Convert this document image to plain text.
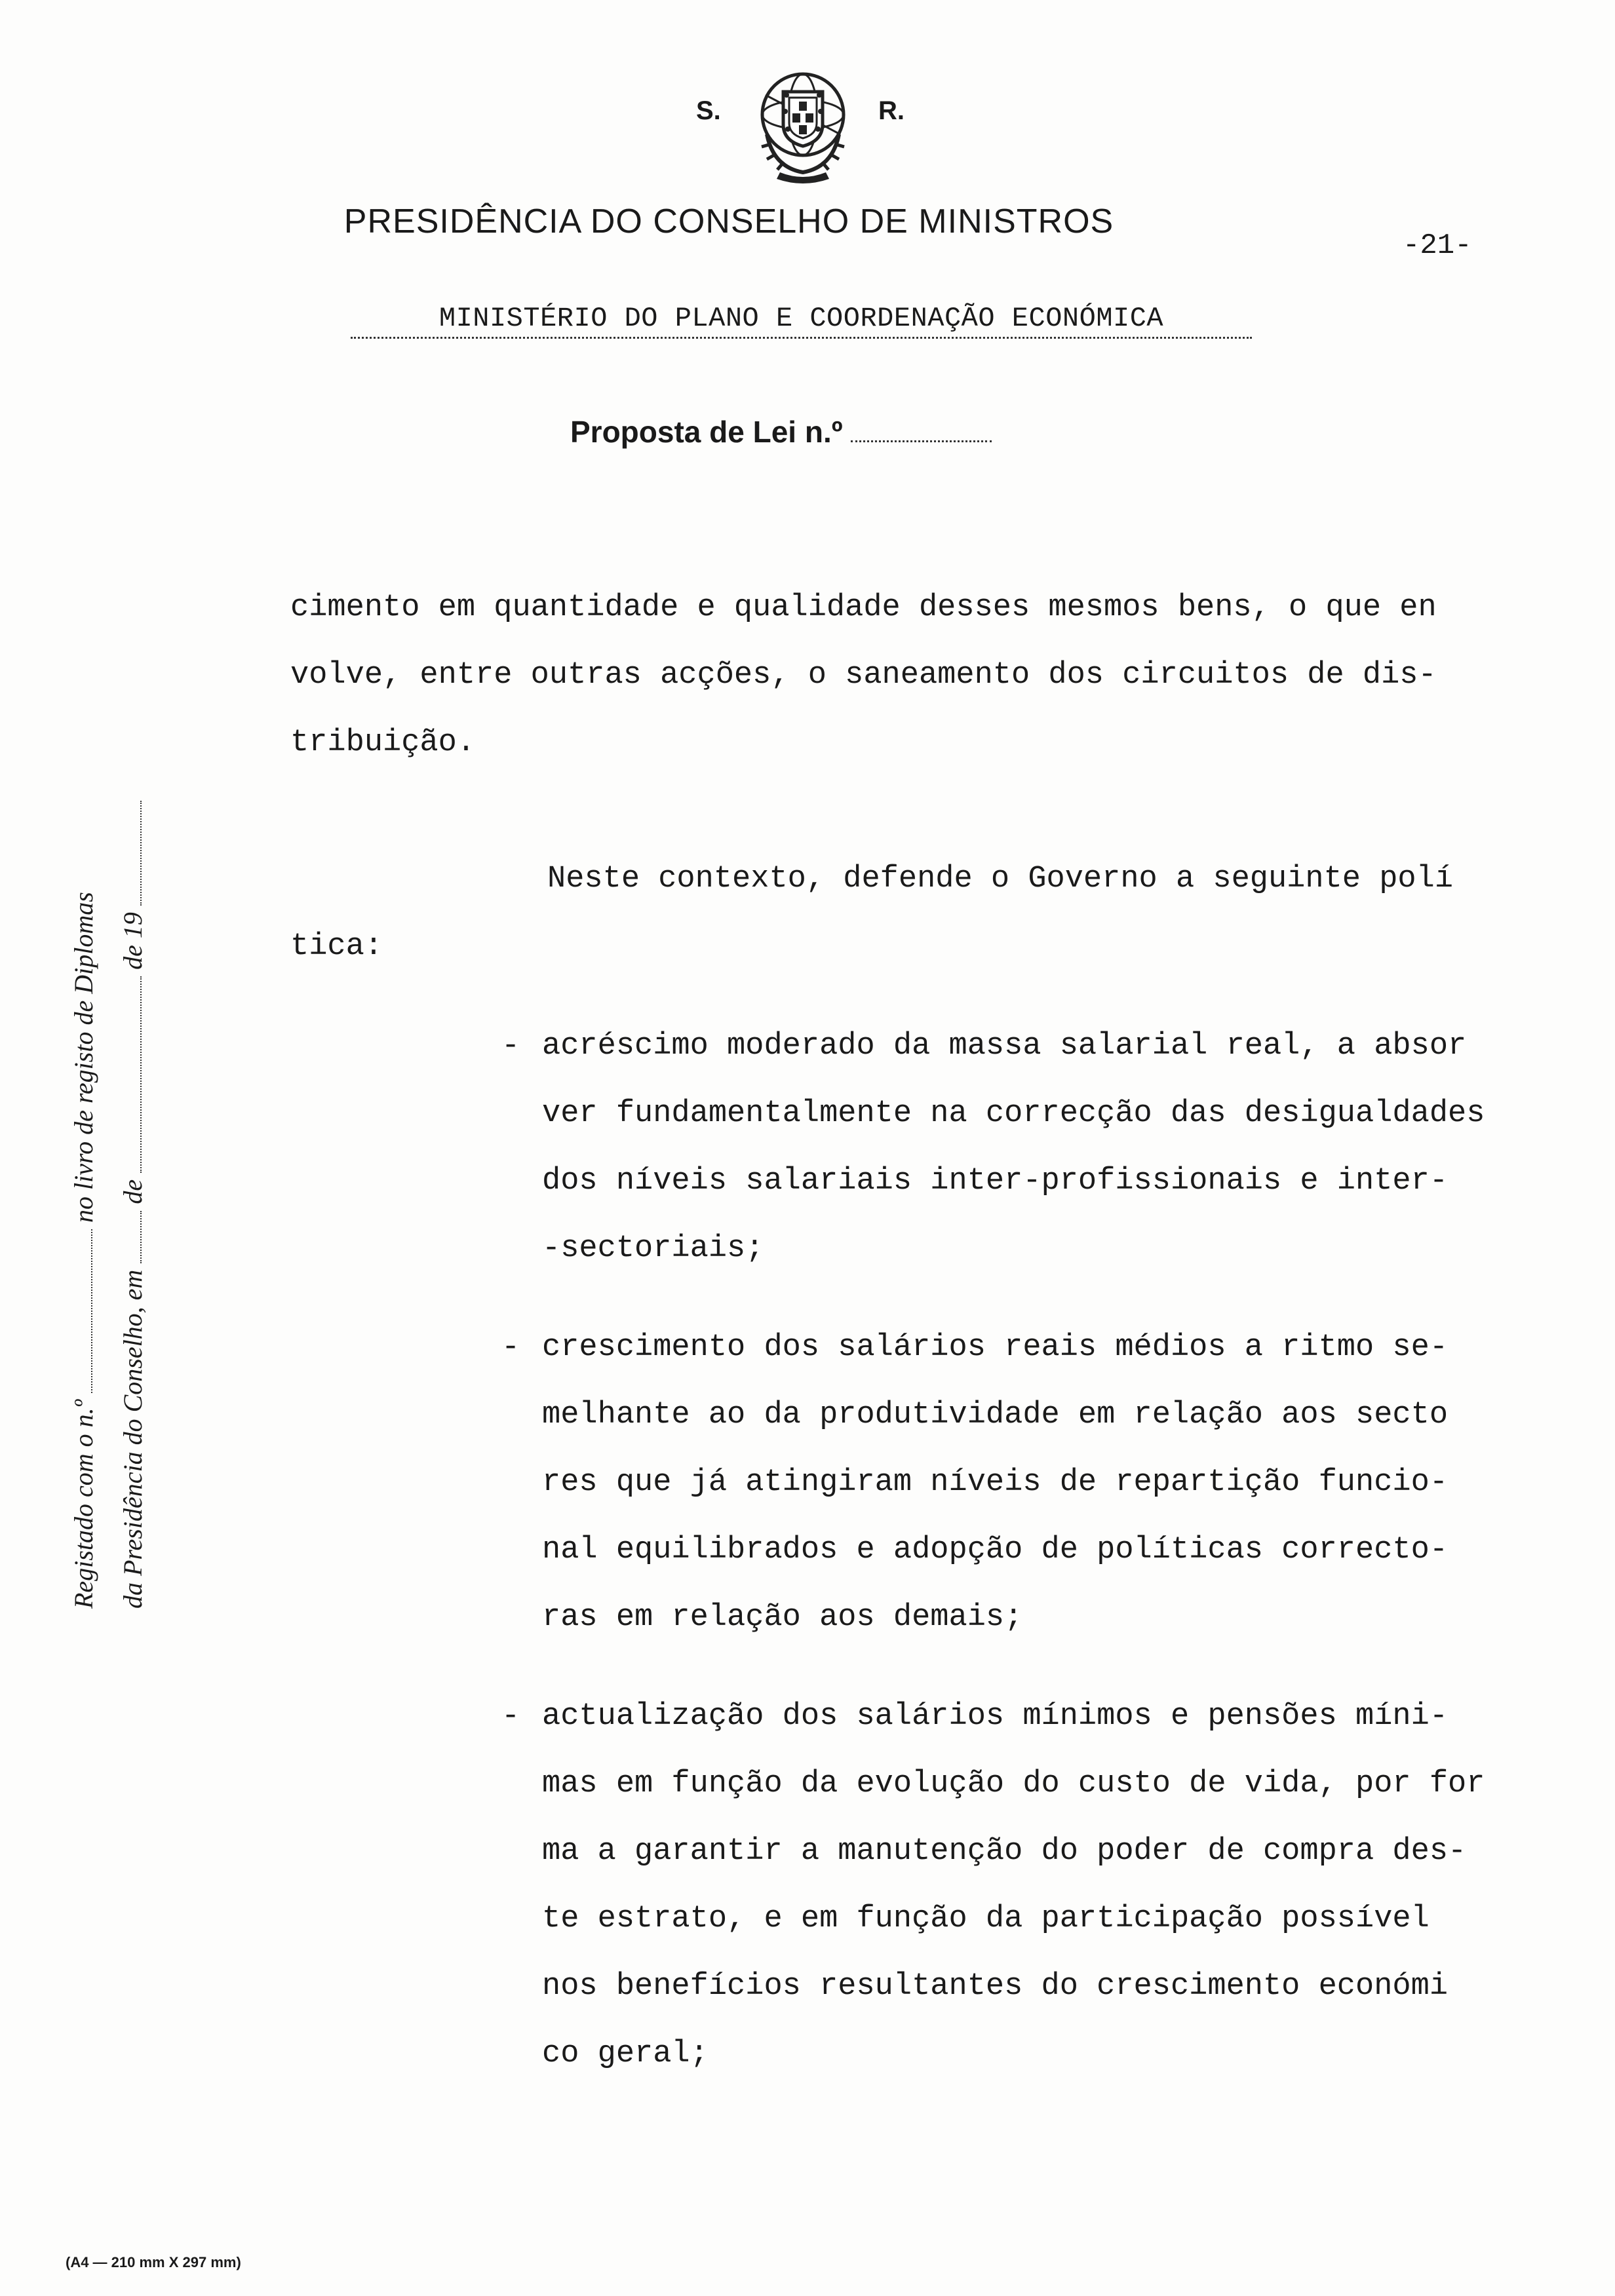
S.	R.
PRESIDÊNCIA DO CONSELHO DE MINISTROS
-21-
MINISTÉRIO DO PLANO E COORDENAÇÃO ECONÓMICA
Proposta de Lei n.º
cimento em quantidade e qualidade desses mesmos bens, o que en
volve, entre outras acções, o saneamento dos circuitos de dis-
tribuição.
Neste contexto, defende o Governo a seguinte polí
tica:
- acréscimo moderado da massa salarial real, a absor
ver fundamentalmente na correcção das desigualdades
dos níveis salariais inter-profissionais e inter-
-sectoriais;
- crescimento dos salários reais médios a ritmo se-
melhante ao da produtividade em relação aos secto
res que já atingiram níveis de repartição funcio-
nal equilibrados e adopção de políticas correcto-
ras em relação aos demais;
- actualização dos salários mínimos e pensões míni-
mas em função da evolução do custo de vida, por for
ma a garantir a manutenção do poder de compra des-
te estrato, e em função da participação possível
nos benefícios resultantes do crescimento económi
co geral;
Registado com o n.º  no livro de registo de Diplomas
da Presidência do Conselho, em  de  de 19
(A4 — 210 mm X 297 mm)
